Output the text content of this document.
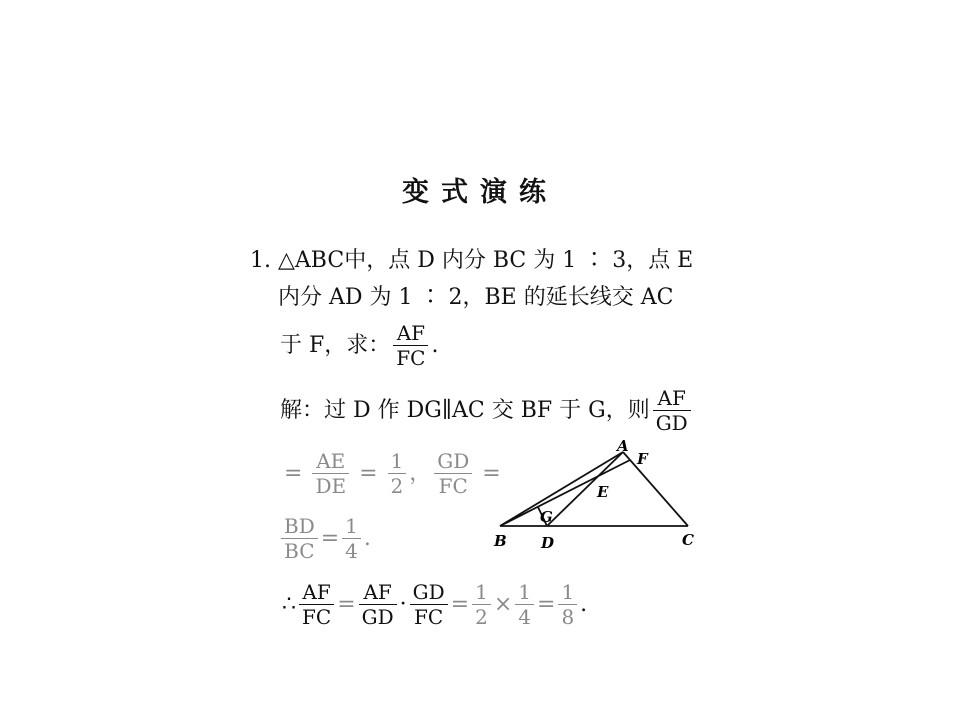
变式演练
1. △ABC中，点 D 内分 BC 为 1 ∶ 3，点 E
内分 AD 为 1 ∶ 2，BE 的延长线交 AC
于 F，求： $\frac{AF}{FC}$ .
解：过 D 作 DG∥AC 交 BF 于 G，则 $\frac{AF}{GD}$
= $\frac{AE}{DE} = \frac{1}{2}$ ， $\frac{GD}{FC}$ =
$\frac{BD}{BC} = \frac{1}{4}$ .
∴ $\frac{AF}{FC} = \frac{AF}{GD} \cdot \frac{GD}{FC} = \frac{1}{2} \times \frac{1}{4} = \frac{1}{8}$ .
A
F
E
G
B D	C
